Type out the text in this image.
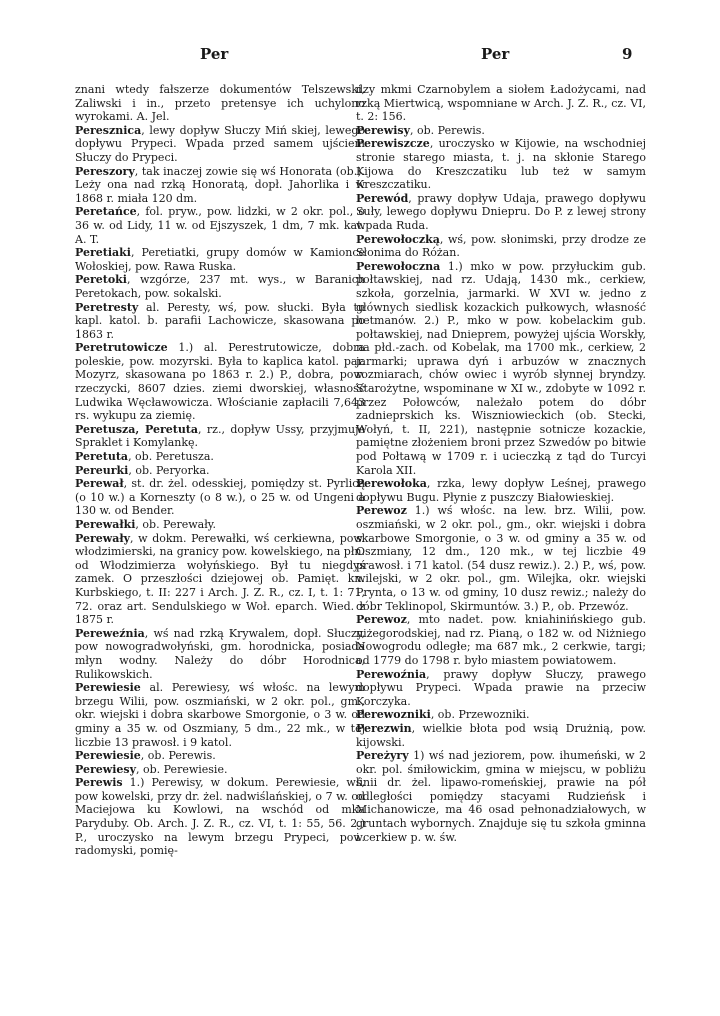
Per	Per	9

znani wtedy fałszerze dokumentów Telszewski, Zaliwski i in., przeto pretensye ich uchylono wyrokami. A. Jel.

Peresznica, lewy dopływ Słuczy Miń skiej, lewego dopływu Prypeci. Wpada przed samem ujściem Słuczy do Prypeci.

Pereszory, tak inaczej zowie się wś Honorata (ob.). Leży ona nad rzką Honoratą, dopł. Jahorlika i w 1868 r. miała 120 dm.

Peretańce, fol. pryw., pow. lidzki, w 2 okr. pol., o 36 w. od Lidy, 11 w. od Ejszyszek, 1 dm, 7 mk. kat. A. T.

Peretiaki, Peretiatki, grupy domów w Kamionce Wołoskiej, pow. Rawa Ruska.

Peretoki, wzgórze, 237 mt. wys., w Baranich Peretokach, pow. sokalski.

Peretresty al. Peresty, wś, pow. słucki. Była tu kapl. katol. b. parafii Lachowicze, skasowana po 1863 r.

Peretrutowicze 1.) al. Perestrutowicze, dobra poleskie, pow. mozyrski. Była to kaplica katol. par. Mozyrz, skasowana po 1863 r. 2.) P., dobra, pow. rzeczycki, 8607 dzies. ziemi dworskiej, własność Ludwika Węcławowicza. Włościanie zapłacili 7,643 rs. wykupu za ziemię.

Peretusza, Peretuta, rz., dopływ Ussy, przyjmuje Spraklet i Komylankę.

Peretuta, ob. Peretusza.

Pereurki, ob. Peryorka.

Perewał, st. dr. żel. odesskiej, pomiędzy st. Pyrlicą (o 10 w.) a Korneszty (o 8 w.), o 25 w. od Ungeni a 130 w. od Bender.

Perewałki, ob. Perewały.

Perewały, w dokm. Perewałki, wś cerkiewna, pow. włodzimierski, na granicy pow. kowelskiego, na płn. od Włodzimierza wołyńskiego. Był tu niegdyś zamek. O przeszłości dziejowej ob. Pamięt. kn. Kurbskiego, t. II: 227 i Arch. J. Z. R., cz. I, t. 1: 71, 72. oraz art. Sendulskiego w Woł. eparch. Wied. z 1875 r.

Pereweźnia, wś nad rzką Krywalem, dopł. Słuczy, pow nowogradwołyński, gm. horodnicka, posiada młyn wodny. Należy do dóbr Horodnica, Rulikowskich.

Perewiesie al. Perewiesy, wś włośc. na lewym brzegu Wilii, pow. oszmiański, w 2 okr. pol., gm., okr. wiejski i dobra skarbowe Smorgonie, o 3 w. od gminy a 35 w. od Oszmiany, 5 dm., 22 mk., w tej liczbie 13 prawosł. i 9 katol.

Perewiesie, ob. Perewis.

Perewiesy, ob. Perewiesie.

Perewis 1.) Perewisy, w dokum. Perewiesie, wś, pow kowelski, przy dr. żel. nadwiślańskiej, o 7 w. od Maciejowa ku Kowlowi, na wschód od mka Paryduby. Ob. Arch. J. Z. R., cz. VI, t. 1: 55, 56. 2.) P., uroczysko na lewym brzegu Prypeci, pow. radomyski, pomię-

dzy mkmi Czarnobylem a siołem Ładożycami, nad rzką Miertwicą, wspomniane w Arch. J. Z. R., cz. VI, t. 2: 156.

Perewisy, ob. Perewis.

Perewiszcze, uroczysko w Kijowie, na wschodniej stronie starego miasta, t. j. na skłonie Starego Kijowa do Kreszczatiku lub też w samym Kreszczatiku.

Perewód, prawy dopływ Udaja, prawego dopływu Suły, lewego dopływu Dniepru. Do P. z lewej strony wpada Ruda.

Perewołoczką, wś, pow. słonimski, przy drodze ze Słonima do Różan.

Perewołoczna 1.) mko w pow. przyłuckim gub. połtawskiej, nad rz. Udają, 1430 mk., cerkiew, szkoła, gorzelnia, jarmarki. W XVI w. jedno z głównych siedlisk kozackich pułkowych, własność hetmanów. 2.) P., mko w pow. kobelackim gub. połtawskiej, nad Dnieprem, powyżej ujścia Worskły, na płd.-zach. od Kobelak, ma 1700 mk., cerkiew, 2 jarmarki; uprawa dyń i arbuzów w znacznych rozmiarach, chów owiec i wyrób słynnej bryndzy. Starożytne, wspominane w XI w., zdobyte w 1092 r. przez Połowców, należało potem do dóbr zadnieprskich ks. Wiszniowieckich (ob. Stecki, Wołyń, t. II, 221), następnie sotnicze kozackie, pamiętne złożeniem broni przez Szwedów po bitwie pod Połtawą w 1709 r. i ucieczką z tąd do Turcyi Karola XII.

Perewołoka, rzka, lewy dopływ Leśnej, prawego dopływu Bugu. Płynie z puszczy Białowieskiej.

Perewoz 1.) wś włośc. na lew. brz. Wilii, pow. oszmiański, w 2 okr. pol., gm., okr. wiejski i dobra skarbowe Smorgonie, o 3 w. od gminy a 35 w. od Oszmiany, 12 dm., 120 mk., w tej liczbie 49 prawosł. i 71 katol. (54 dusz rewiz.). 2.) P., wś, pow. wilejski, w 2 okr. pol., gm. Wilejka, okr. wiejski Prynta, o 13 w. od gminy, 10 dusz rewiz.; należy do dóbr Teklinopol, Skirmuntów. 3.) P., ob. Przewóz.

Perewoz, mto nadet. pow. kniahinińskiego gub. niżegorodskiej, nad rz. Pianą, o 182 w. od Niżniego Nowogrodu odległe; ma 687 mk., 2 cerkwie, targi; od 1779 do 1798 r. było miastem powiatowem.

Perewoźnia, prawy dopływ Słuczy, prawego dopływu Prypeci. Wpada prawie na przeciw Korczyka.

Perewozniki, ob. Przewozniki.

Perezwin, wielkie błota pod wsią Drużnią, pow. kijowski.

Pereżyry 1) wś nad jeziorem, pow. ihumeński, w 2 okr. pol. śmiłowickim, gmina w miejscu, w pobliżu linii dr. żel. lipawo-romeńskiej, prawie na pół odległości pomiędzy stacyami Rudzieńsk i Michanowicze, ma 46 osad pełnonadziałowych, w gruntach wybornych. Znajduje się tu szkoła gminna i cerkiew p. w. św.
